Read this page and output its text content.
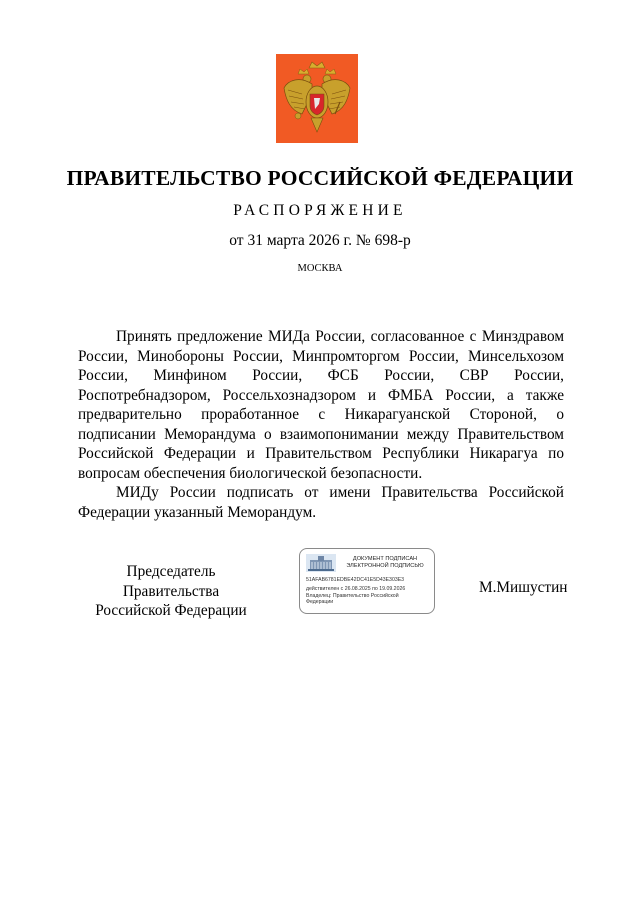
ПРАВИТЕЛЬСТВО РОССИЙСКОЙ ФЕДЕРАЦИИ
РАСПОРЯЖЕНИЕ
от 31 марта 2026 г. № 698-р
МОСКВА

Принять предложение МИДа России, согласованное с Минздравом России, Минобороны России, Минпромторгом России, Минсельхозом России, Минфином России, ФСБ России, СВР России, Роспотребнадзором, Россельхознадзором и ФМБА России, а также предварительно проработанное с Никарагуанской Стороной, о подписании Меморандума о взаимопонимании между Правительством Российской Федерации и Правительством Республики Никарагуа по вопросам обеспечения биологической безопасности.

МИДу России подписать от имени Правительства Российской Федерации указанный Меморандум.

Председатель Правительства
Российской Федерации
ДОКУМЕНТ ПОДПИСАН
ЭЛЕКТРОННОЙ ПОДПИСЬЮ
51AFAB6781EDBE42DC41E5D43E303E3
действителен с 26.08.2025 по 19.09.2026
Владелец: Правительство Российской
Федерации
М.Мишустин
